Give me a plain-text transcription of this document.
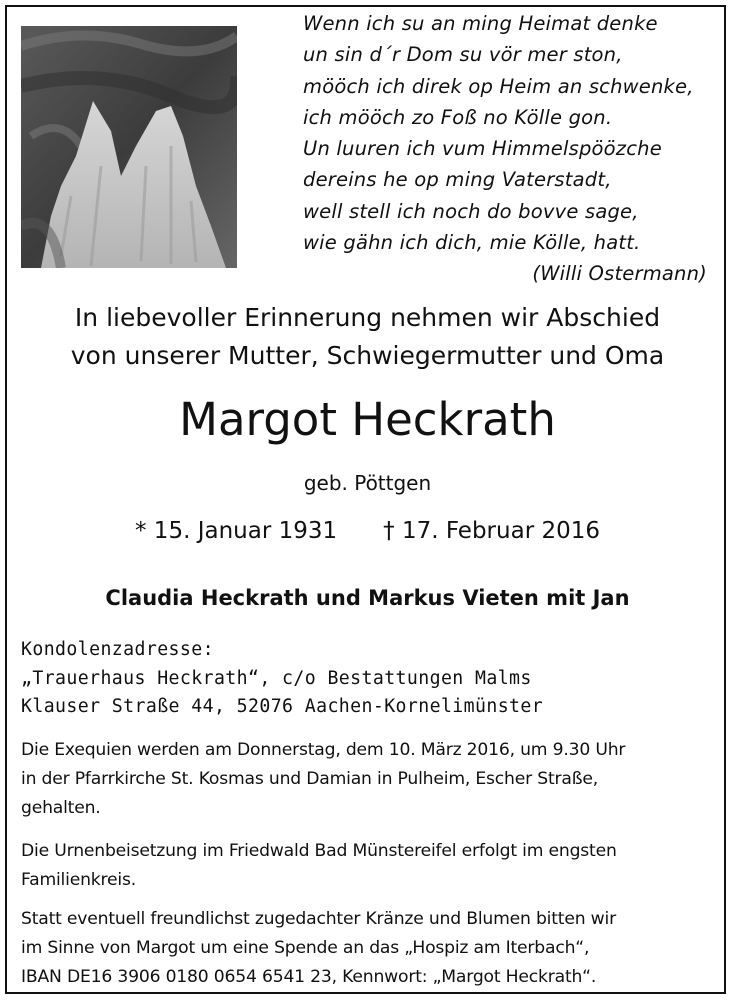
Wenn ich su an ming Heimat denke
un sin d´r Dom su vör mer ston,
mööch ich direk op Heim an schwenke,
ich mööch zo Foß no Kölle gon.
Un luuren ich vum Himmelspöözche
dereins he op ming Vaterstadt,
well stell ich noch do bovve sage,
wie gähn ich dich, mie Kölle, hatt.
(Willi Ostermann)
In liebevoller Erinnerung nehmen wir Abschied
von unserer Mutter, Schwiegermutter und Oma
Margot Heckrath
geb. Pöttgen
* 15. Januar 1931 † 17. Februar 2016
Claudia Heckrath und Markus Vieten mit Jan
Kondolenzadresse:
„Trauerhaus Heckrath“, c/o Bestattungen Malms
Klauser Straße 44, 52076 Aachen-Kornelimünster
Die Exequien werden am Donnerstag, dem 10. März 2016, um 9.30 Uhr
in der Pfarrkirche St. Kosmas und Damian in Pulheim, Escher Straße,
gehalten.
Die Urnenbeisetzung im Friedwald Bad Münstereifel erfolgt im engsten
Familienkreis.
Statt eventuell freundlichst zugedachter Kränze und Blumen bitten wir
im Sinne von Margot um eine Spende an das „Hospiz am Iterbach“,
IBAN DE16 3906 0180 0654 6541 23, Kennwort: „Margot Heckrath“.
